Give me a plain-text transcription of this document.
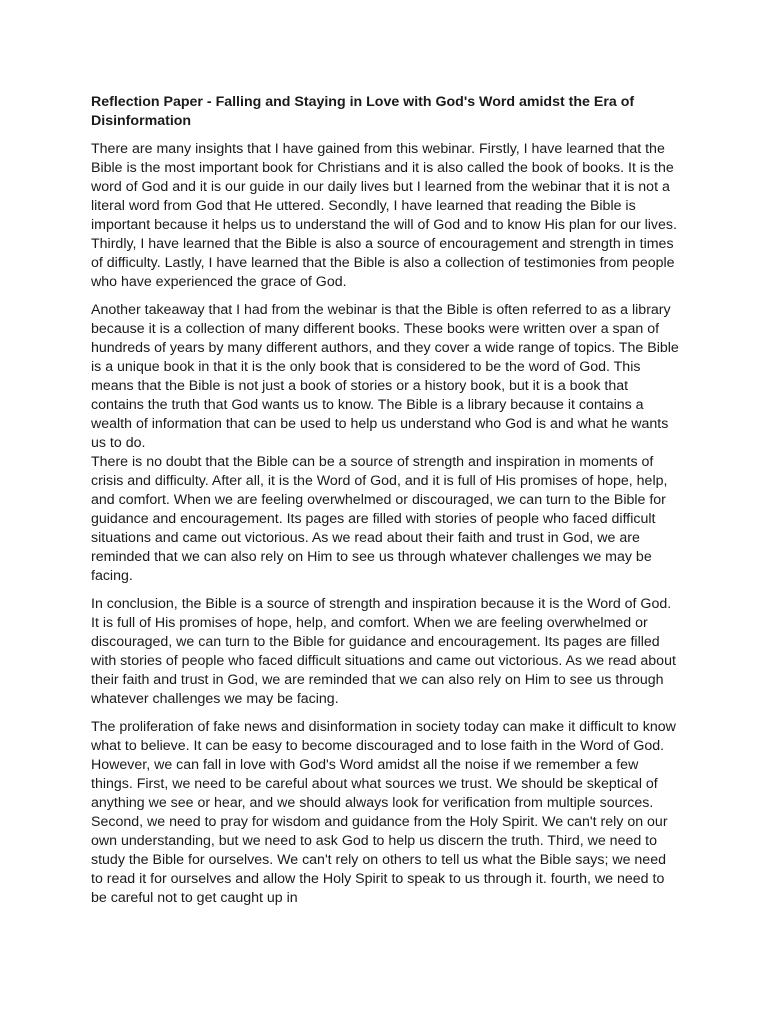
Reflection Paper - Falling and Staying in Love with God's Word amidst the Era of Disinformation

There are many insights that I have gained from this webinar. Firstly, I have learned that the Bible is the most important book for Christians and it is also called the book of books. It is the word of God and it is our guide in our daily lives but I learned from the webinar that it is not a literal word from God that He uttered. Secondly, I have learned that reading the Bible is important because it helps us to understand the will of God and to know His plan for our lives. Thirdly, I have learned that the Bible is also a source of encouragement and strength in times of difficulty. Lastly, I have learned that the Bible is also a collection of testimonies from people who have experienced the grace of God.

Another takeaway that I had from the webinar is that the Bible is often referred to as a library because it is a collection of many different books. These books were written over a span of hundreds of years by many different authors, and they cover a wide range of topics. The Bible is a unique book in that it is the only book that is considered to be the word of God. This means that the Bible is not just a book of stories or a history book, but it is a book that contains the truth that God wants us to know. The Bible is a library because it contains a wealth of information that can be used to help us understand who God is and what he wants us to do.

There is no doubt that the Bible can be a source of strength and inspiration in moments of crisis and difficulty. After all, it is the Word of God, and it is full of His promises of hope, help, and comfort. When we are feeling overwhelmed or discouraged, we can turn to the Bible for guidance and encouragement. Its pages are filled with stories of people who faced difficult situations and came out victorious. As we read about their faith and trust in God, we are reminded that we can also rely on Him to see us through whatever challenges we may be facing.

In conclusion, the Bible is a source of strength and inspiration because it is the Word of God. It is full of His promises of hope, help, and comfort. When we are feeling overwhelmed or discouraged, we can turn to the Bible for guidance and encouragement. Its pages are filled with stories of people who faced difficult situations and came out victorious. As we read about their faith and trust in God, we are reminded that we can also rely on Him to see us through whatever challenges we may be facing.

The proliferation of fake news and disinformation in society today can make it difficult to know what to believe. It can be easy to become discouraged and to lose faith in the Word of God. However, we can fall in love with God's Word amidst all the noise if we remember a few things. First, we need to be careful about what sources we trust. We should be skeptical of anything we see or hear, and we should always look for verification from multiple sources. Second, we need to pray for wisdom and guidance from the Holy Spirit. We can't rely on our own understanding, but we need to ask God to help us discern the truth. Third, we need to study the Bible for ourselves. We can't rely on others to tell us what the Bible says; we need to read it for ourselves and allow the Holy Spirit to speak to us through it. fourth, we need to be careful not to get caught up in
